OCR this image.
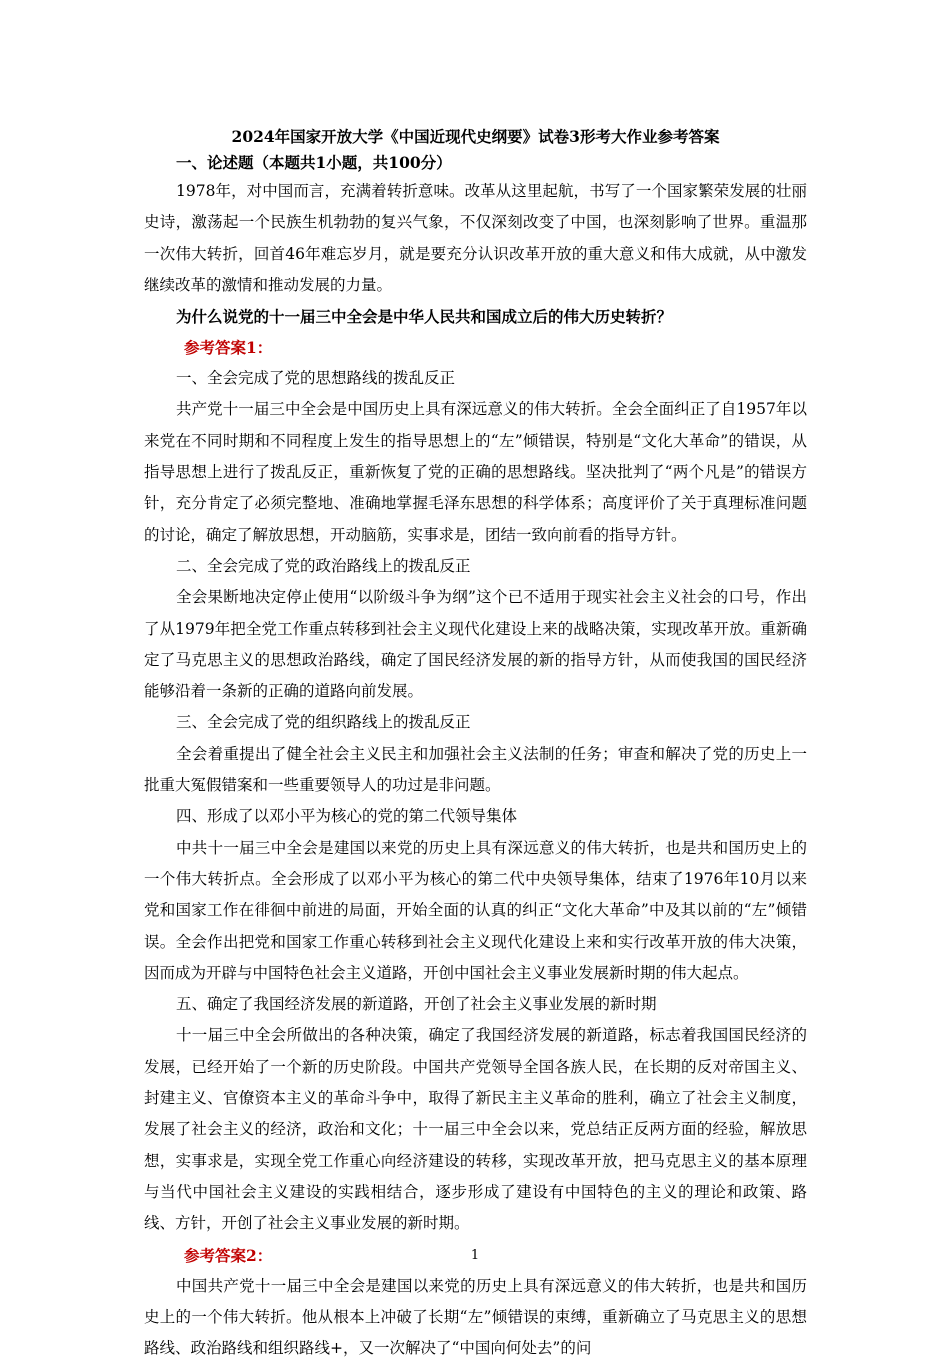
2024年国家开放大学《中国近现代史纲要》试卷3形考大作业参考答案

一、论述题（本题共1小题，共100分）

1978年，对中国而言，充满着转折意味。改革从这里起航，书写了一个国家繁荣发展的壮丽史诗，激荡起一个民族生机勃勃的复兴气象，不仅深刻改变了中国，也深刻影响了世界。重温那一次伟大转折，回首46年难忘岁月，就是要充分认识改革开放的重大意义和伟大成就，从中激发继续改革的激情和推动发展的力量。

为什么说党的十一届三中全会是中华人民共和国成立后的伟大历史转折？

参考答案1：

一、全会完成了党的思想路线的拨乱反正

共产党十一届三中全会是中国历史上具有深远意义的伟大转折。全会全面纠正了自1957年以来党在不同时期和不同程度上发生的指导思想上的“左”倾错误，特别是“文化大革命”的错误，从指导思想上进行了拨乱反正，重新恢复了党的正确的思想路线。坚决批判了“两个凡是”的错误方针，充分肯定了必须完整地、准确地掌握毛泽东思想的科学体系；高度评价了关于真理标准问题的讨论，确定了解放思想，开动脑筋，实事求是，团结一致向前看的指导方针。

二、全会完成了党的政治路线上的拨乱反正

全会果断地决定停止使用“以阶级斗争为纲”这个已不适用于现实社会主义社会的口号，作出了从1979年把全党工作重点转移到社会主义现代化建设上来的战略决策，实现改革开放。重新确定了马克思主义的思想政治路线，确定了国民经济发展的新的指导方针，从而使我国的国民经济能够沿着一条新的正确的道路向前发展。

三、全会完成了党的组织路线上的拨乱反正

全会着重提出了健全社会主义民主和加强社会主义法制的任务；审查和解决了党的历史上一批重大冤假错案和一些重要领导人的功过是非问题。

四、形成了以邓小平为核心的党的第二代领导集体

中共十一届三中全会是建国以来党的历史上具有深远意义的伟大转折，也是共和国历史上的一个伟大转折点。全会形成了以邓小平为核心的第二代中央领导集体，结束了1976年10月以来党和国家工作在徘徊中前进的局面，开始全面的认真的纠正“文化大革命”中及其以前的“左”倾错误。全会作出把党和国家工作重心转移到社会主义现代化建设上来和实行改革开放的伟大决策，因而成为开辟与中国特色社会主义道路，开创中国社会主义事业发展新时期的伟大起点。

五、确定了我国经济发展的新道路，开创了社会主义事业发展的新时期

十一届三中全会所做出的各种决策，确定了我国经济发展的新道路，标志着我国国民经济的发展，已经开始了一个新的历史阶段。中国共产党领导全国各族人民，在长期的反对帝国主义、封建主义、官僚资本主义的革命斗争中，取得了新民主主义革命的胜利，确立了社会主义制度，发展了社会主义的经济，政治和文化；十一届三中全会以来，党总结正反两方面的经验，解放思想，实事求是，实现全党工作重心向经济建设的转移，实现改革开放，把马克思主义的基本原理与当代中国社会主义建设的实践相结合，逐步形成了建设有中国特色的主义的理论和政策、路线、方针，开创了社会主义事业发展的新时期。

参考答案2：

中国共产党十一届三中全会是建国以来党的历史上具有深远意义的伟大转折，也是共和国历史上的一个伟大转折。他从根本上冲破了长期“左”倾错误的束缚，重新确立了马克思主义的思想路线、政治路线和组织路线+，又一次解决了“中国向何处去”的问

1
